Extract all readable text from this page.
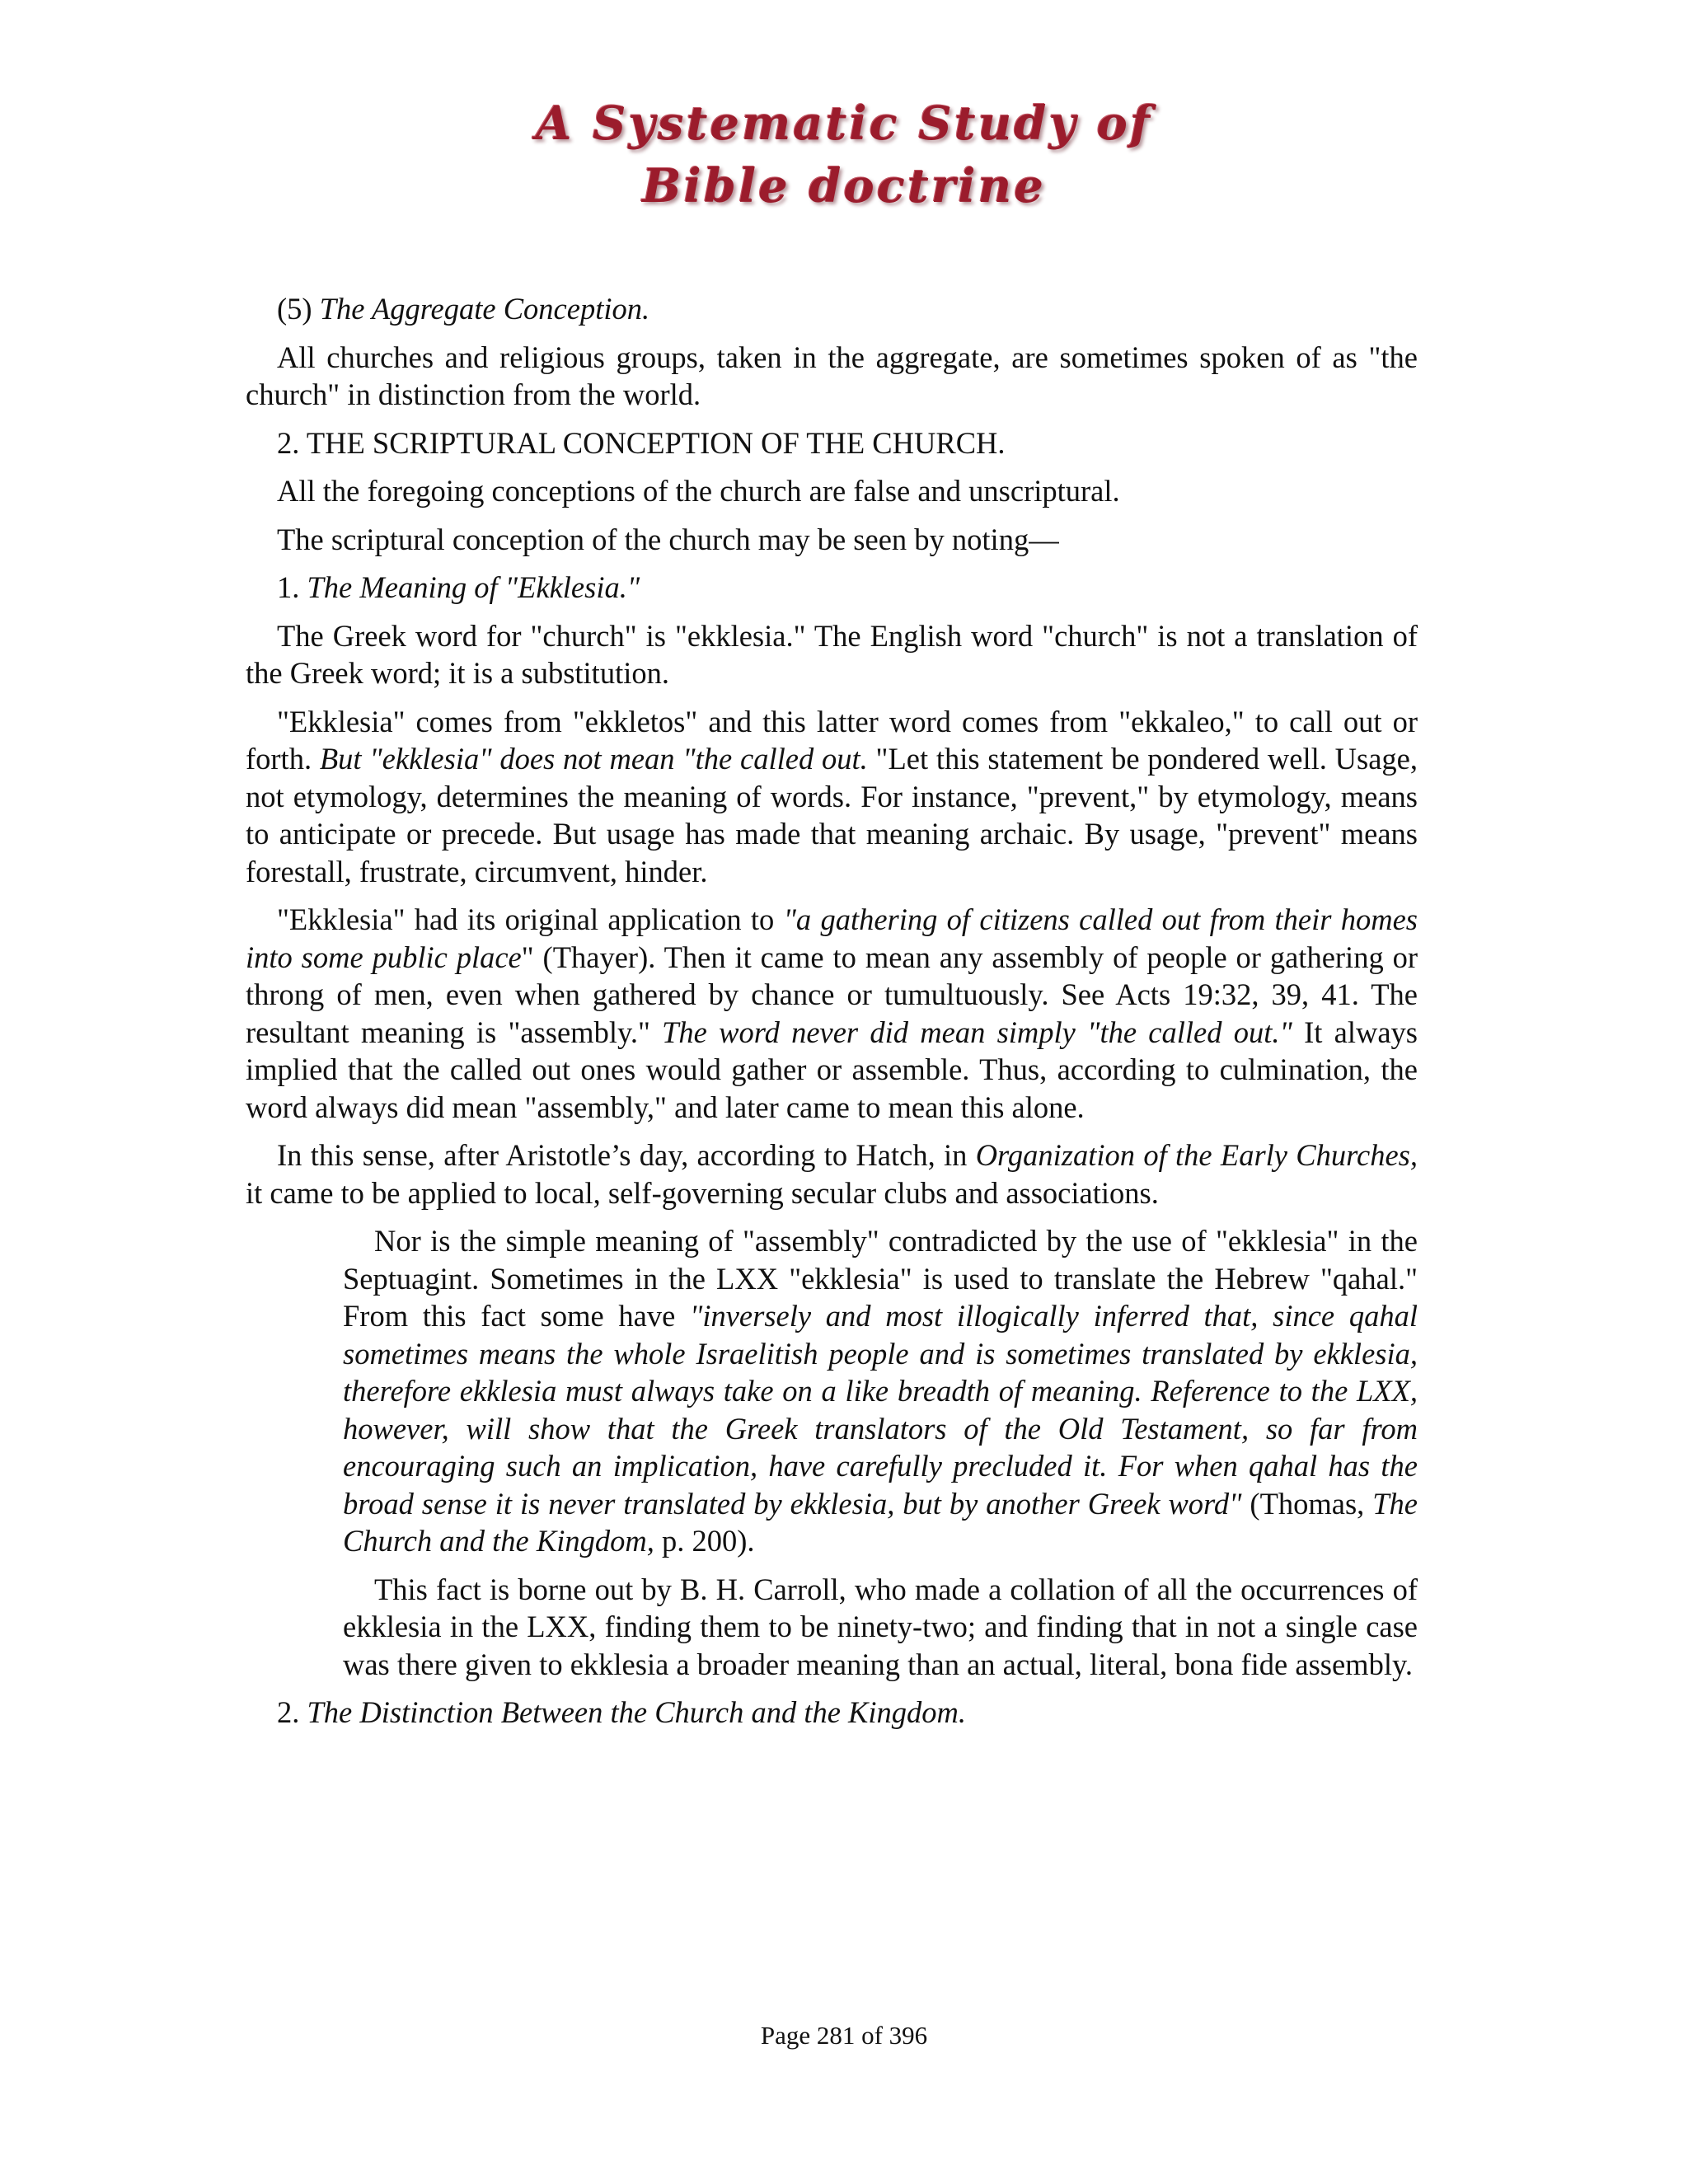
A Systematic Study of
Bible doctrine

(5) The Aggregate Conception.

All churches and religious groups, taken in the aggregate, are sometimes spoken of as "the church" in distinction from the world.

2. THE SCRIPTURAL CONCEPTION OF THE CHURCH.

All the foregoing conceptions of the church are false and unscriptural.

The scriptural conception of the church may be seen by noting—

1. The Meaning of "Ekklesia."

The Greek word for "church" is "ekklesia." The English word "church" is not a translation of the Greek word; it is a substitution.

"Ekklesia" comes from "ekkletos" and this latter word comes from "ekkaleo," to call out or forth. But "ekklesia" does not mean "the called out. "Let this statement be pondered well. Usage, not etymology, determines the meaning of words. For instance, "prevent," by etymology, means to anticipate or precede. But usage has made that meaning archaic. By usage, "prevent" means forestall, frustrate, circumvent, hinder.

"Ekklesia" had its original application to "a gathering of citizens called out from their homes into some public place" (Thayer). Then it came to mean any assembly of people or gathering or throng of men, even when gathered by chance or tumultuously. See Acts 19:32, 39, 41. The resultant meaning is "assembly." The word never did mean simply "the called out." It always implied that the called out ones would gather or assemble. Thus, according to culmination, the word always did mean "assembly," and later came to mean this alone.

In this sense, after Aristotle’s day, according to Hatch, in Organization of the Early Churches, it came to be applied to local, self-governing secular clubs and associations.

Nor is the simple meaning of "assembly" contradicted by the use of "ekklesia" in the Septuagint. Sometimes in the LXX "ekklesia" is used to translate the Hebrew "qahal." From this fact some have "inversely and most illogically inferred that, since qahal sometimes means the whole Israelitish people and is sometimes translated by ekklesia, therefore ekklesia must always take on a like breadth of meaning. Reference to the LXX, however, will show that the Greek translators of the Old Testament, so far from encouraging such an implication, have carefully precluded it. For when qahal has the broad sense it is never translated by ekklesia, but by another Greek word" (Thomas, The Church and the Kingdom, p. 200).

This fact is borne out by B. H. Carroll, who made a collation of all the occurrences of ekklesia in the LXX, finding them to be ninety-two; and finding that in not a single case was there given to ekklesia a broader meaning than an actual, literal, bona fide assembly.

2. The Distinction Between the Church and the Kingdom.

Page 281 of 396
